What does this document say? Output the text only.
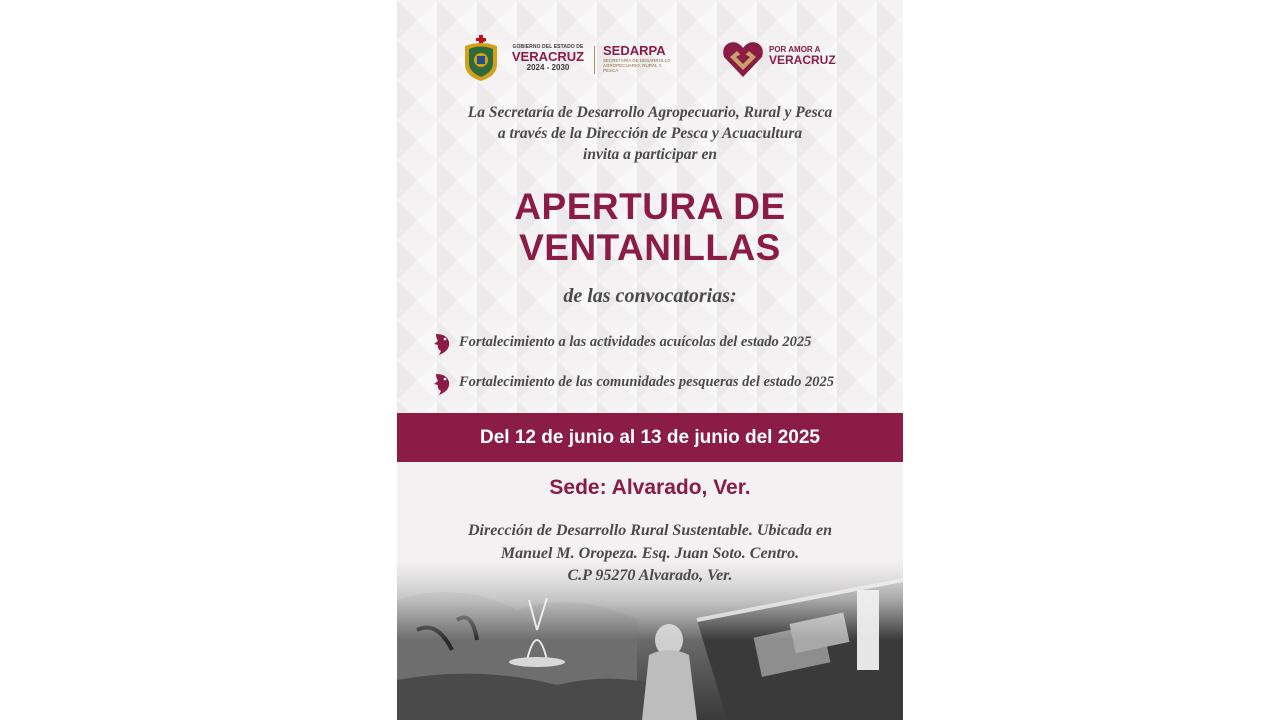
GOBIERNO DEL ESTADO DE
VERACRUZ
2024 - 2030
SEDARPA
SECRETARÍA DE DESARROLLO AGROPECUARIO, RURAL Y PESCA
POR AMOR A
VERACRUZ
La Secretaría de Desarrollo Agropecuario, Rural y Pesca
a través de la Dirección de Pesca y Acuacultura
invita a participar en
APERTURA DE
VENTANILLAS
de las convocatorias:
Fortalecimiento a las actividades acuícolas del estado 2025
Fortalecimiento de las comunidades pesqueras del estado 2025
Del 12 de junio al 13 de junio del 2025
Sede: Alvarado, Ver.
Dirección de Desarrollo Rural Sustentable. Ubicada en
Manuel M. Oropeza. Esq. Juan Soto. Centro.
C.P 95270 Alvarado, Ver.
